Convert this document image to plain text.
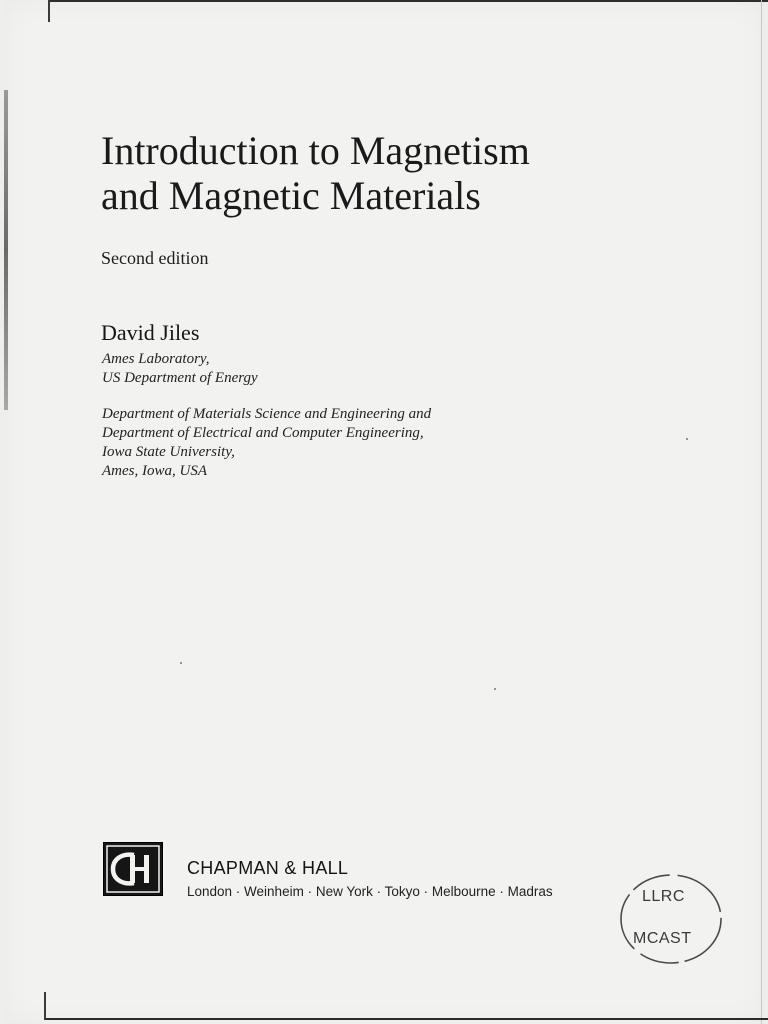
Introduction to Magnetism
and Magnetic Materials
Second edition
David Jiles
Ames Laboratory,
US Department of Energy
Department of Materials Science and Engineering and
Department of Electrical and Computer Engineering,
Iowa State University,
Ames, Iowa, USA
CHAPMAN & HALL
London · Weinheim · New York · Tokyo · Melbourne · Madras	LLRC
MCAST
